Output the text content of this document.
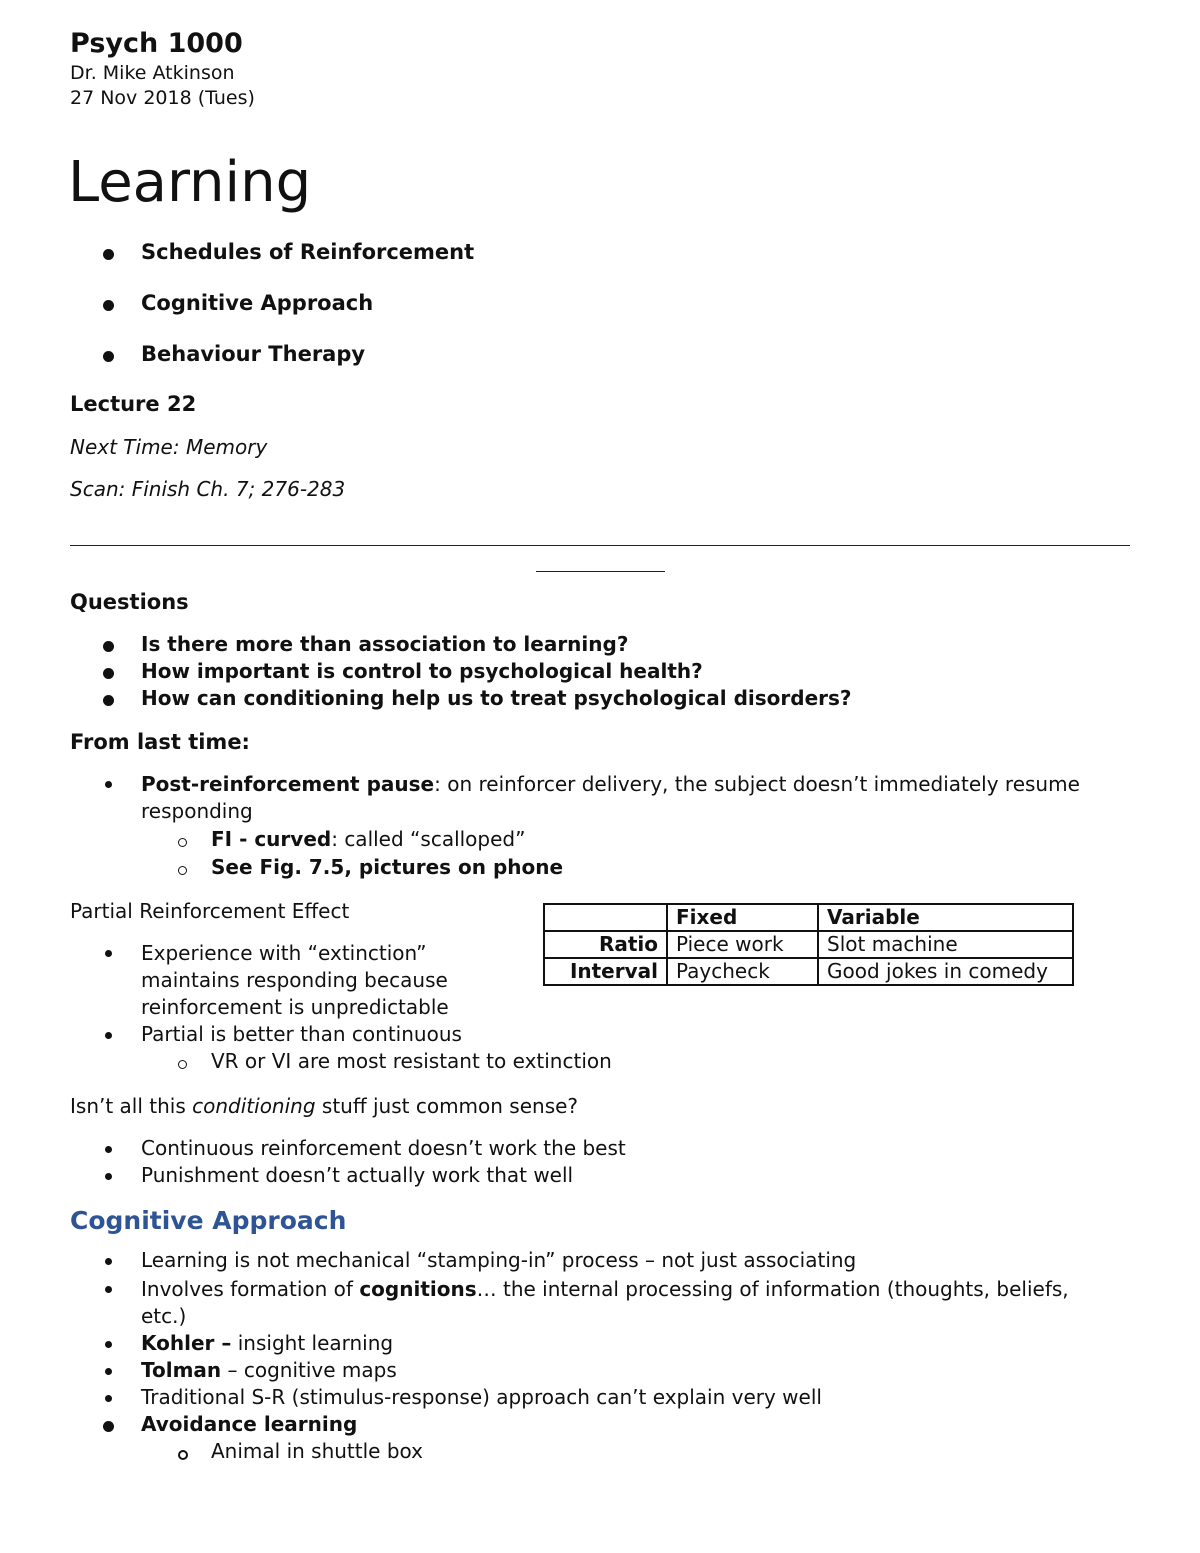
Psych 1000
Dr. Mike Atkinson
27 Nov 2018 (Tues)
Learning
Schedules of Reinforcement
Cognitive Approach
Behaviour Therapy
Lecture 22
Next Time: Memory
Scan: Finish Ch. 7; 276-283
Questions
Is there more than association to learning?
How important is control to psychological health?
How can conditioning help us to treat psychological disorders?
From last time:
Post-reinforcement pause: on reinforcer delivery, the subject doesn’t immediately resume responding
FI - curved: called “scalloped”
See Fig. 7.5, pictures on phone
Partial Reinforcement Effect
Experience with “extinction” maintains responding because reinforcement is unpredictable
Partial is better than continuous
VR or VI are most resistant to extinction
	Fixed	Variable
Ratio	Piece work	Slot machine
Interval	Paycheck	Good jokes in comedy
Isn’t all this conditioning stuff just common sense?
Continuous reinforcement doesn’t work the best
Punishment doesn’t actually work that well
Cognitive Approach
Learning is not mechanical “stamping-in” process – not just associating
Involves formation of cognitions… the internal processing of information (thoughts, beliefs, etc.)
Kohler – insight learning
Tolman – cognitive maps
Traditional S-R (stimulus-response) approach can’t explain very well
Avoidance learning
Animal in shuttle box
